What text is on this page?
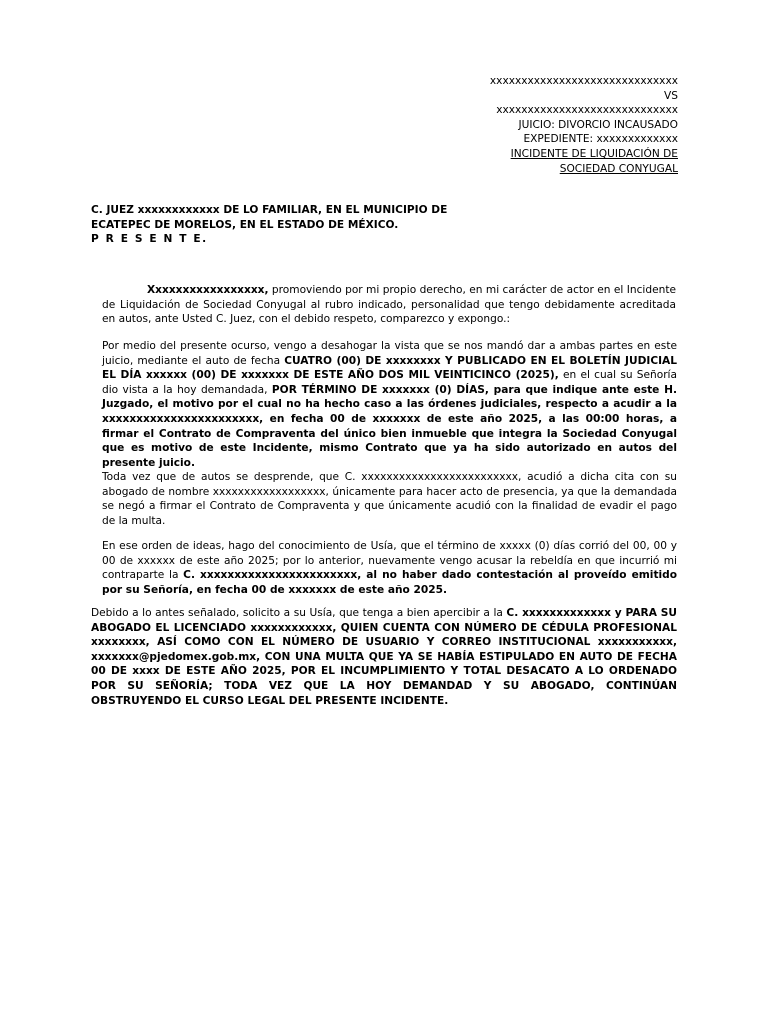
xxxxxxxxxxxxxxxxxxxxxxxxxxxxxx
VS
xxxxxxxxxxxxxxxxxxxxxxxxxxxxx
JUICIO: DIVORCIO INCAUSADO
EXPEDIENTE: xxxxxxxxxxxxx
INCIDENTE DE LIQUIDACIÓN DE
SOCIEDAD CONYUGAL
C. JUEZ xxxxxxxxxxxx DE LO FAMILIAR, EN EL MUNICIPIO DE
ECATEPEC DE MORELOS, EN EL ESTADO DE MÉXICO.
P R E S E N T E.

Xxxxxxxxxxxxxxxxx, promoviendo por mi propio derecho, en mi carácter de actor en el Incidente de Liquidación de Sociedad Conyugal al rubro indicado, personalidad que tengo debidamente acreditada en autos, ante Usted C. Juez, con el debido respeto, comparezco y expongo.:

Por medio del presente ocurso, vengo a desahogar la vista que se nos mandó dar a ambas partes en este juicio, mediante el auto de fecha CUATRO (00) DE xxxxxxxx Y PUBLICADO EN EL BOLETÍN JUDICIAL EL DÍA xxxxxx (00) DE xxxxxxx DE ESTE AÑO DOS MIL VEINTICINCO (2025), en el cual su Señoría dio vista a la hoy demandada, POR TÉRMINO DE xxxxxxx (0) DÍAS, para que indique ante este H. Juzgado, el motivo por el cual no ha hecho caso a las órdenes judiciales, respecto a acudir a la xxxxxxxxxxxxxxxxxxxxxxx, en fecha 00 de xxxxxxx de este año 2025, a las 00:00 horas, a firmar el Contrato de Compraventa del único bien inmueble que integra la Sociedad Conyugal que es motivo de este Incidente, mismo Contrato que ya ha sido autorizado en autos del presente juicio.

Toda vez que de autos se desprende, que C. xxxxxxxxxxxxxxxxxxxxxxxxx, acudió a dicha cita con su abogado de nombre xxxxxxxxxxxxxxxxxx, únicamente para hacer acto de presencia, ya que la demandada se negó a firmar el Contrato de Compraventa y que únicamente acudió con la finalidad de evadir el pago de la multa.

En ese orden de ideas, hago del conocimiento de Usía, que el término de xxxxx (0) días corrió del 00, 00 y 00 de xxxxxx de este año 2025; por lo anterior, nuevamente vengo acusar la rebeldía en que incurrió mi contraparte la C. xxxxxxxxxxxxxxxxxxxxxxx, al no haber dado contestación al proveído emitido por su Señoría, en fecha 00 de xxxxxxx de este año 2025.

Debido a lo antes señalado, solicito a su Usía, que tenga a bien apercibir a la C. xxxxxxxxxxxxx y PARA SU ABOGADO EL LICENCIADO xxxxxxxxxxxx, QUIEN CUENTA CON NÚMERO DE CÉDULA PROFESIONAL xxxxxxxx, ASÍ COMO CON EL NÚMERO DE USUARIO Y CORREO INSTITUCIONAL xxxxxxxxxxx, xxxxxxx@pjedomex.gob.mx, CON UNA MULTA QUE YA SE HABÍA ESTIPULADO EN AUTO DE FECHA 00 DE xxxx DE ESTE AÑO 2025, POR EL INCUMPLIMIENTO Y TOTAL DESACATO A LO ORDENADO POR SU SEÑORÍA; TODA VEZ QUE LA HOY DEMANDAD Y SU ABOGADO, CONTINÚAN OBSTRUYENDO EL CURSO LEGAL DEL PRESENTE INCIDENTE.
